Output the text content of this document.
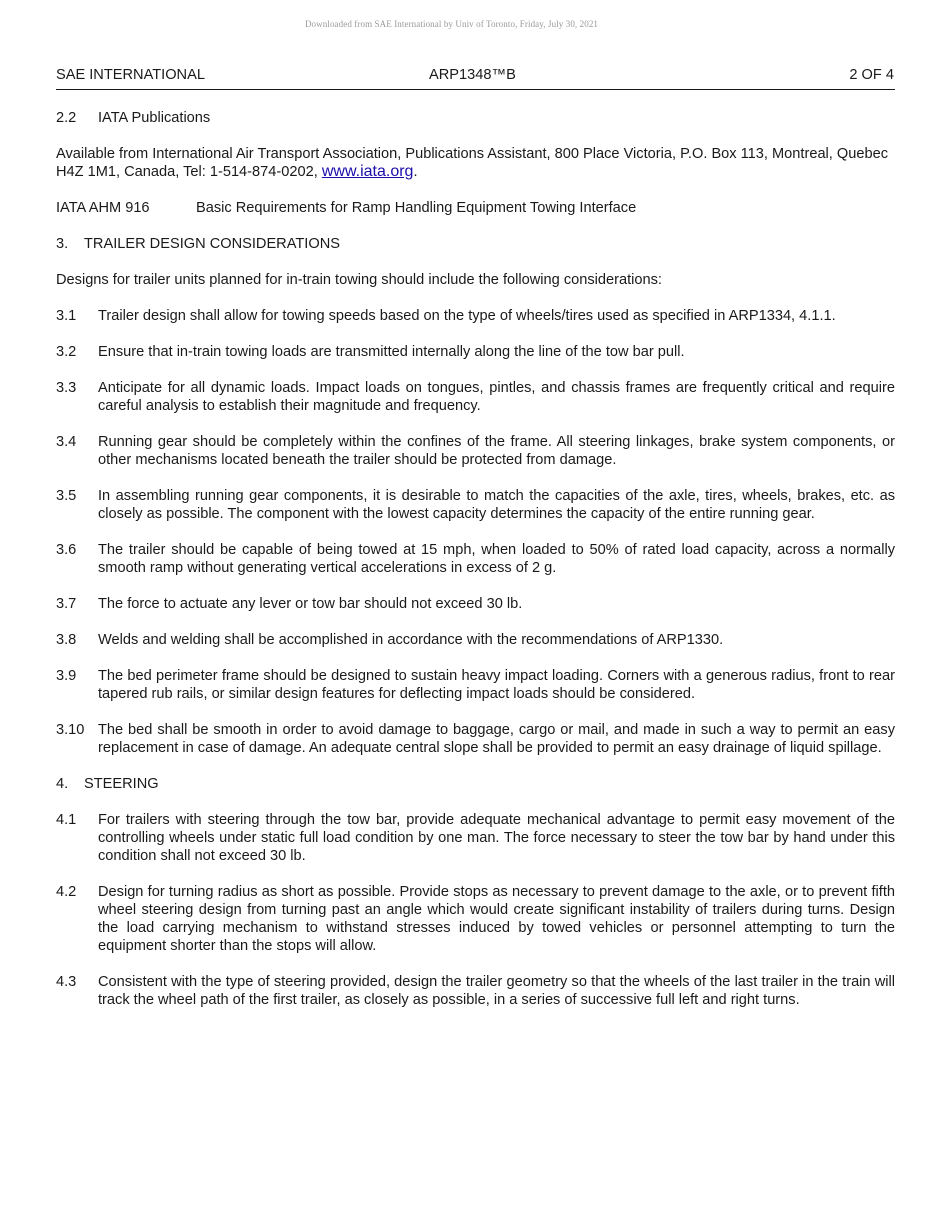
Downloaded from SAE International by Univ of Toronto, Friday, July 30, 2021
SAE INTERNATIONAL	ARP1348™B	2 OF 4
2.2 IATA Publications
Available from International Air Transport Association, Publications Assistant, 800 Place Victoria, P.O. Box 113, Montreal, Quebec H4Z 1M1, Canada, Tel: 1-514-874-0202, www.iata.org.
IATA AHM 916	Basic Requirements for Ramp Handling Equipment Towing Interface
3. TRAILER DESIGN CONSIDERATIONS
Designs for trailer units planned for in-train towing should include the following considerations:
3.1	Trailer design shall allow for towing speeds based on the type of wheels/tires used as specified in ARP1334, 4.1.1.
3.2	Ensure that in-train towing loads are transmitted internally along the line of the tow bar pull.
3.3	Anticipate for all dynamic loads. Impact loads on tongues, pintles, and chassis frames are frequently critical and require careful analysis to establish their magnitude and frequency.
3.4	Running gear should be completely within the confines of the frame. All steering linkages, brake system components, or other mechanisms located beneath the trailer should be protected from damage.
3.5	In assembling running gear components, it is desirable to match the capacities of the axle, tires, wheels, brakes, etc. as closely as possible. The component with the lowest capacity determines the capacity of the entire running gear.
3.6	The trailer should be capable of being towed at 15 mph, when loaded to 50% of rated load capacity, across a normally smooth ramp without generating vertical accelerations in excess of 2 g.
3.7	The force to actuate any lever or tow bar should not exceed 30 lb.
3.8	Welds and welding shall be accomplished in accordance with the recommendations of ARP1330.
3.9	The bed perimeter frame should be designed to sustain heavy impact loading. Corners with a generous radius, front to rear tapered rub rails, or similar design features for deflecting impact loads should be considered.
3.10 The bed shall be smooth in order to avoid damage to baggage, cargo or mail, and made in such a way to permit an easy replacement in case of damage. An adequate central slope shall be provided to permit an easy drainage of liquid spillage.
4. STEERING
4.1	For trailers with steering through the tow bar, provide adequate mechanical advantage to permit easy movement of the controlling wheels under static full load condition by one man. The force necessary to steer the tow bar by hand under this condition shall not exceed 30 lb.
4.2	Design for turning radius as short as possible. Provide stops as necessary to prevent damage to the axle, or to prevent fifth wheel steering design from turning past an angle which would create significant instability of trailers during turns. Design the load carrying mechanism to withstand stresses induced by towed vehicles or personnel attempting to turn the equipment shorter than the stops will allow.
4.3	Consistent with the type of steering provided, design the trailer geometry so that the wheels of the last trailer in the train will track the wheel path of the first trailer, as closely as possible, in a series of successive full left and right turns.
